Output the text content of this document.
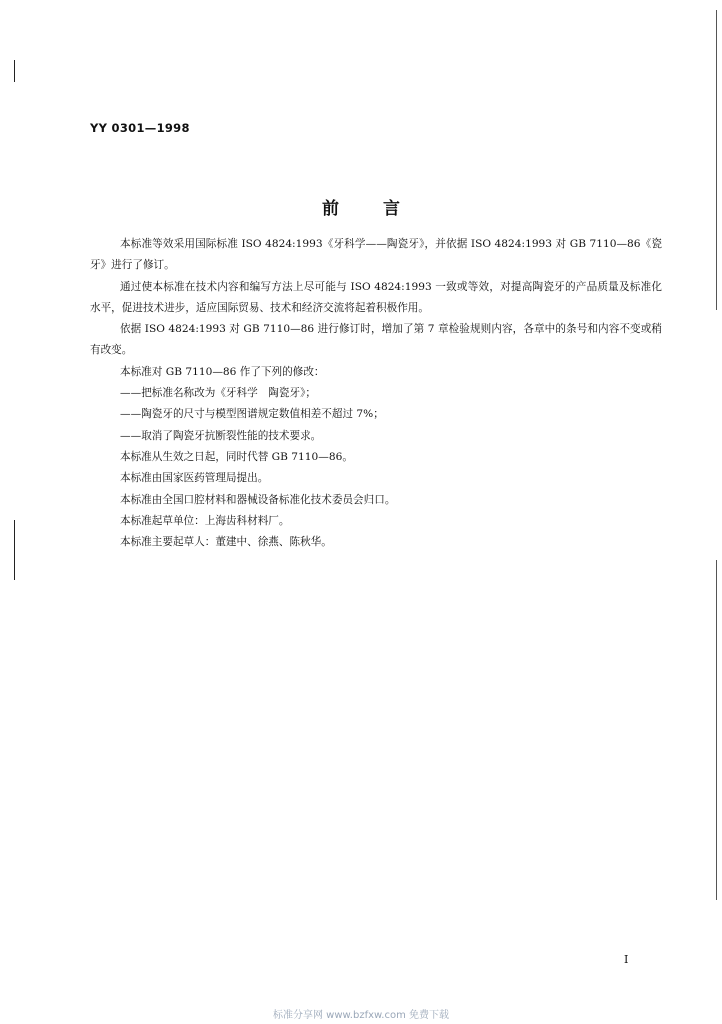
YY 0301—1998
前言

本标准等效采用国际标准 ISO 4824:1993《牙科学——陶瓷牙》，并依据 ISO 4824:1993 对 GB 7110—86《瓷牙》进行了修订。

通过使本标准在技术内容和编写方法上尽可能与 ISO 4824:1993 一致或等效，对提高陶瓷牙的产品质量及标准化水平，促进技术进步，适应国际贸易、技术和经济交流将起着积极作用。

依据 ISO 4824:1993 对 GB 7110—86 进行修订时，增加了第 7 章检验规则内容，各章中的条号和内容不变或稍有改变。

本标准对 GB 7110—86 作了下列的修改：

——把标准名称改为《牙科学　陶瓷牙》；

——陶瓷牙的尺寸与模型图谱规定数值相差不超过 7%；

——取消了陶瓷牙抗断裂性能的技术要求。

本标准从生效之日起，同时代替 GB 7110—86。

本标准由国家医药管理局提出。

本标准由全国口腔材料和器械设备标准化技术委员会归口。

本标准起草单位：上海齿科材料厂。

本标准主要起草人：董建中、徐燕、陈秋华。

I
标准分享网 www.bzfxw.com 免费下载
